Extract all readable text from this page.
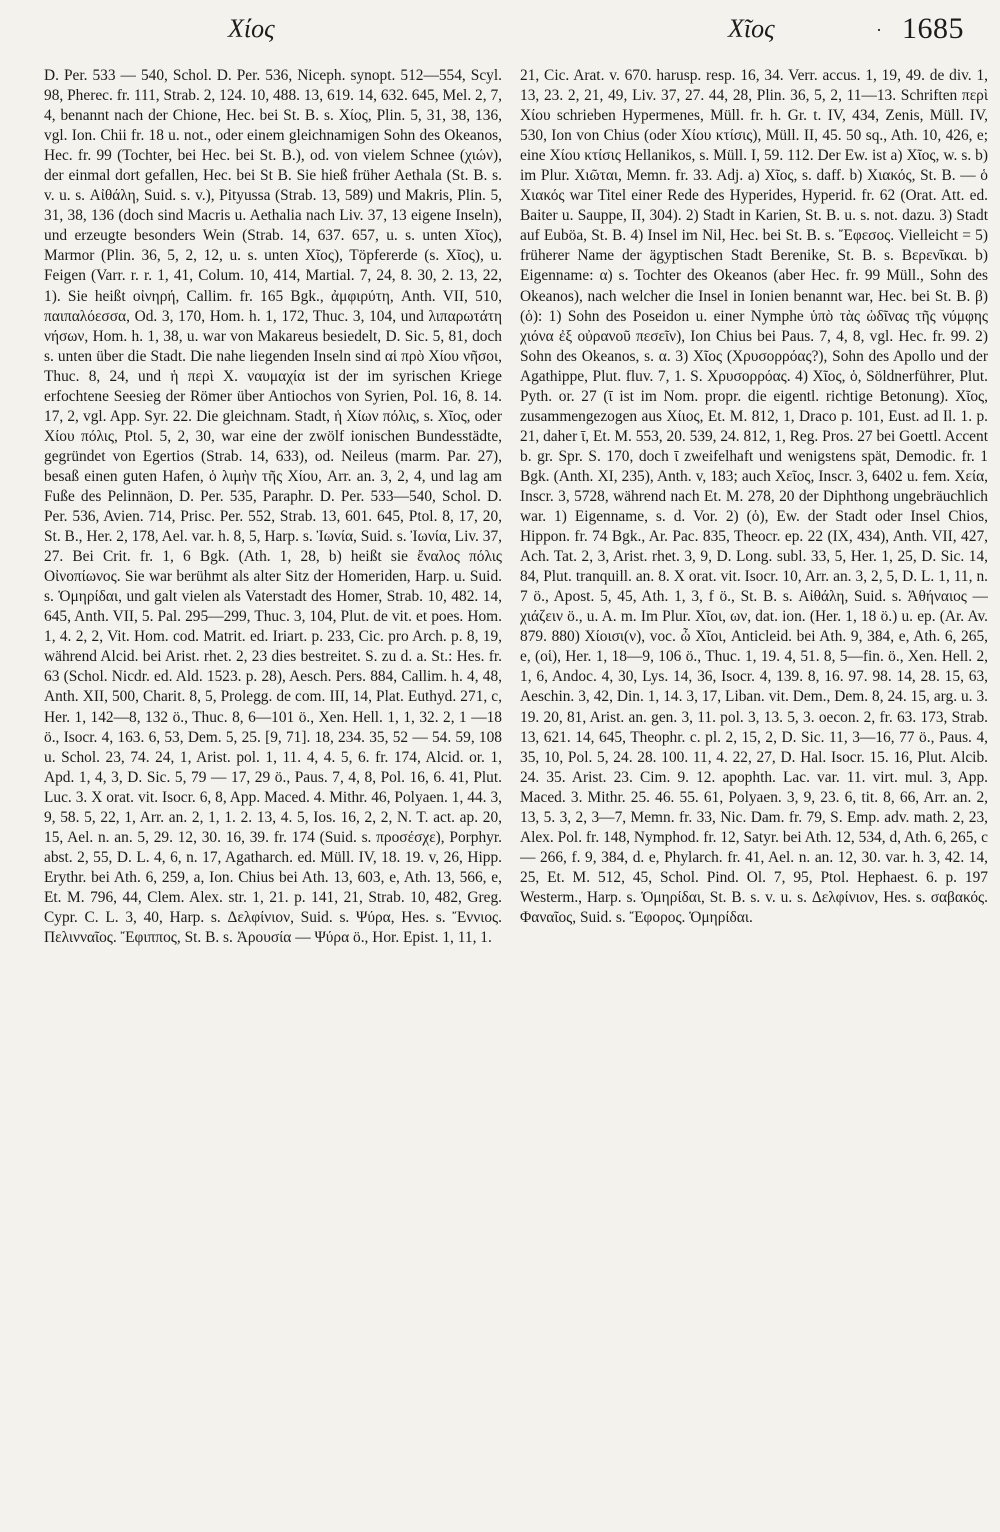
Χίος	Χῖος	· 1685

D. Per. 533 — 540, Schol. D. Per. 536, Niceph. synopt. 512—554, Scyl. 98, Pherec. fr. 111, Strab. 2, 124. 10, 488. 13, 619. 14, 632. 645, Mel. 2, 7, 4, benannt nach der Chione, Hec. bei St. B. s. Χίος, Plin. 5, 31, 38, 136, vgl. Ion. Chii fr. 18 u. not., oder einem gleichnamigen Sohn des Okeanos, Hec. fr. 99 (Tochter, bei Hec. bei St. B.), od. von vielem Schnee (χιών), der einmal dort gefallen, Hec. bei St B. Sie hieß früher Aethala (St. B. s. v. u. s. Αἰθάλη, Suid. s. v.), Pityussa (Strab. 13, 589) und Makris, Plin. 5, 31, 38, 136 (doch sind Macris u. Aethalia nach Liv. 37, 13 eigene Inseln), und erzeugte besonders Wein (Strab. 14, 637. 657, u. s. unten Χῖος), Marmor (Plin. 36, 5, 2, 12, u. s. unten Χῖος), Töpfererde (s. Χῖος), u. Feigen (Varr. r. r. 1, 41, Colum. 10, 414, Martial. 7, 24, 8. 30, 2. 13, 22, 1). Sie heißt οἰνηρή, Callim. fr. 165 Bgk., ἀμφιρύτη, Anth. VII, 510, παιπαλόεσσα, Od. 3, 170, Hom. h. 1, 172, Thuc. 3, 104, und λιπαρωτάτη νήσων, Hom. h. 1, 38, u. war von Makareus besiedelt, D. Sic. 5, 81, doch s. unten über die Stadt. Die nahe liegenden Inseln sind αἱ πρὸ Χίου νῆσοι, Thuc. 8, 24, und ἡ περὶ Χ. ναυμαχία ist der im syrischen Kriege erfochtene Seesieg der Römer über Antiochos von Syrien, Pol. 16, 8. 14. 17, 2, vgl. App. Syr. 22. Die gleichnam. Stadt, ἡ Χίων πόλις, s. Χῖος, oder Χίου πόλις, Ptol. 5, 2, 30, war eine der zwölf ionischen Bundesstädte, gegründet von Egertios (Strab. 14, 633), od. Neileus (marm. Par. 27), besaß einen guten Hafen, ὁ λιμὴν τῆς Χίου, Arr. an. 3, 2, 4, und lag am Fuße des Pelinnäon, D. Per. 535, Paraphr. D. Per. 533—540, Schol. D. Per. 536, Avien. 714, Prisc. Per. 552, Strab. 13, 601. 645, Ptol. 8, 17, 20, St. B., Her. 2, 178, Ael. var. h. 8, 5, Harp. s. Ἰωνία, Suid. s. Ἰωνία, Liv. 37, 27. Bei Crit. fr. 1, 6 Bgk. (Ath. 1, 28, b) heißt sie ἔναλος πόλις Οἰνοπίωνος. Sie war berühmt als alter Sitz der Homeriden, Harp. u. Suid. s. Ὁμηρίδαι, und galt vielen als Vaterstadt des Homer, Strab. 10, 482. 14, 645, Anth. VII, 5. Pal. 295—299, Thuc. 3, 104, Plut. de vit. et poes. Hom. 1, 4. 2, 2, Vit. Hom. cod. Matrit. ed. Iriart. p. 233, Cic. pro Arch. p. 8, 19, während Alcid. bei Arist. rhet. 2, 23 dies bestreitet. S. zu d. a. St.: Hes. fr. 63 (Schol. Nicdr. ed. Ald. 1523. p. 28), Aesch. Pers. 884, Callim. h. 4, 48, Anth. XII, 500, Charit. 8, 5, Prolegg. de com. III, 14, Plat. Euthyd. 271, c, Her. 1, 142—8, 132 ö., Thuc. 8, 6—101 ö., Xen. Hell. 1, 1, 32. 2, 1 —18 ö., Isocr. 4, 163. 6, 53, Dem. 5, 25. [9, 71]. 18, 234. 35, 52 — 54. 59, 108 u. Schol. 23, 74. 24, 1, Arist. pol. 1, 11. 4, 4. 5, 6. fr. 174, Alcid. or. 1, Apd. 1, 4, 3, D. Sic. 5, 79 — 17, 29 ö., Paus. 7, 4, 8, Pol. 16, 6. 41, Plut. Luc. 3. X orat. vit. Isocr. 6, 8, App. Maced. 4. Mithr. 46, Polyaen. 1, 44. 3, 9, 58. 5, 22, 1, Arr. an. 2, 1, 1. 2. 13, 4. 5, Ios. 16, 2, 2, N. T. act. ap. 20, 15, Ael. n. an. 5, 29. 12, 30. 16, 39. fr. 174 (Suid. s. προσέσχε), Porphyr. abst. 2, 55, D. L. 4, 6, n. 17, Agatharch. ed. Müll. IV, 18. 19. v, 26, Hipp. Erythr. bei Ath. 6, 259, a, Ion. Chius bei Ath. 13, 603, e, Ath. 13, 566, e, Et. M. 796, 44, Clem. Alex. str. 1, 21. p. 141, 21, Strab. 10, 482, Greg. Cypr. C. L. 3, 40, Harp. s. Δελφίνιον, Suid. s. Ψύρα, Hes. s. Ἔννιος. Πελινναῖος. Ἔφιππος, St. B. s. Ἀρουσία — Ψύρα ö., Hor. Epist. 1, 11, 1.

21, Cic. Arat. v. 670. harusp. resp. 16, 34. Verr. accus. 1, 19, 49. de div. 1, 13, 23. 2, 21, 49, Liv. 37, 27. 44, 28, Plin. 36, 5, 2, 11—13. Schriften περὶ Χίου schrieben Hypermenes, Müll. fr. h. Gr. t. IV, 434, Zenis, Müll. IV, 530, Ion von Chius (oder Χίου κτίσις), Müll. II, 45. 50 sq., Ath. 10, 426, e; eine Χίου κτίσις Hellanikos, s. Müll. I, 59. 112. Der Ew. ist a) Χῖος, w. s. b) im Plur. Χιῶται, Memn. fr. 33. Adj. a) Χῖος, s. daff. b) Χιακός, St. B. — ὁ Χιακός war Titel einer Rede des Hyperides, Hyperid. fr. 62 (Orat. Att. ed. Baiter u. Sauppe, II, 304). 2) Stadt in Karien, St. B. u. s. not. dazu. 3) Stadt auf Euböa, St. B. 4) Insel im Nil, Hec. bei St. B. s. Ἔφεσος. Vielleicht = 5) früherer Name der ägyptischen Stadt Berenike, St. B. s. Βερενῖκαι. b) Eigenname: α) s. Tochter des Okeanos (aber Hec. fr. 99 Müll., Sohn des Okeanos), nach welcher die Insel in Ionien benannt war, Hec. bei St. B. β) (ὁ): 1) Sohn des Poseidon u. einer Nymphe ὑπὸ τὰς ὠδῖνας τῆς νύμφης χιόνα ἐξ οὐρανοῦ πεσεῖν), Ion Chius bei Paus. 7, 4, 8, vgl. Hec. fr. 99. 2) Sohn des Okeanos, s. α. 3) Χῖος (Χρυσορρόας?), Sohn des Apollo und der Agathippe, Plut. fluv. 7, 1. S. Χρυσορρόας. 4) Χῖος, ὁ, Söldnerführer, Plut. Pyth. or. 27 (ῑ ist im Nom. propr. die eigentl. richtige Betonung). Χῖος, zusammengezogen aus Χίιος, Et. M. 812, 1, Draco p. 101, Eust. ad Il. 1. p. 21, daher ῑ, Et. M. 553, 20. 539, 24. 812, 1, Reg. Pros. 27 bei Goettl. Accent b. gr. Spr. S. 170, doch ῑ zweifelhaft und wenigstens spät, Demodic. fr. 1 Bgk. (Anth. XI, 235), Anth. v, 183; auch Χεῖος, Inscr. 3, 6402 u. fem. Χεία, Inscr. 3, 5728, während nach Et. M. 278, 20 der Diphthong ungebräuchlich war. 1) Eigenname, s. d. Vor. 2) (ὁ), Ew. der Stadt oder Insel Chios, Hippon. fr. 74 Bgk., Ar. Pac. 835, Theocr. ep. 22 (IX, 434), Anth. VII, 427, Ach. Tat. 2, 3, Arist. rhet. 3, 9, D. Long. subl. 33, 5, Her. 1, 25, D. Sic. 14, 84, Plut. tranquill. an. 8. X orat. vit. Isocr. 10, Arr. an. 3, 2, 5, D. L. 1, 11, n. 7 ö., Apost. 5, 45, Ath. 1, 3, f ö., St. B. s. Αἰθάλη, Suid. s. Ἀθήναιος — χιάζειν ö., u. A. m. Im Plur. Χῖοι, ων, dat. ion. (Her. 1, 18 ö.) u. ep. (Ar. Av. 879. 880) Χίοισι(ν), voc. ὦ Χῖοι, Anticleid. bei Ath. 9, 384, e, Ath. 6, 265, e, (οἱ), Her. 1, 18—9, 106 ö., Thuc. 1, 19. 4, 51. 8, 5—fin. ö., Xen. Hell. 2, 1, 6, Andoc. 4, 30, Lys. 14, 36, Isocr. 4, 139. 8, 16. 97. 98. 14, 28. 15, 63, Aeschin. 3, 42, Din. 1, 14. 3, 17, Liban. vit. Dem., Dem. 8, 24. 15, arg. u. 3. 19. 20, 81, Arist. an. gen. 3, 11. pol. 3, 13. 5, 3. oecon. 2, fr. 63. 173, Strab. 13, 621. 14, 645, Theophr. c. pl. 2, 15, 2, D. Sic. 11, 3—16, 77 ö., Paus. 4, 35, 10, Pol. 5, 24. 28. 100. 11, 4. 22, 27, D. Hal. Isocr. 15. 16, Plut. Alcib. 24. 35. Arist. 23. Cim. 9. 12. apophth. Lac. var. 11. virt. mul. 3, App. Maced. 3. Mithr. 25. 46. 55. 61, Polyaen. 3, 9, 23. 6, tit. 8, 66, Arr. an. 2, 13, 5. 3, 2, 3—7, Memn. fr. 33, Nic. Dam. fr. 79, S. Emp. adv. math. 2, 23, Alex. Pol. fr. 148, Nymphod. fr. 12, Satyr. bei Ath. 12, 534, d, Ath. 6, 265, c — 266, f. 9, 384, d. e, Phylarch. fr. 41, Ael. n. an. 12, 30. var. h. 3, 42. 14, 25, Et. M. 512, 45, Schol. Pind. Ol. 7, 95, Ptol. Hephaest. 6. p. 197 Westerm., Harp. s. Ὁμηρίδαι, St. B. s. v. u. s. Δελφίνιον, Hes. s. σαβακός. Φαναῖος, Suid. s. Ἔφορος. Ὁμηρίδαι.
